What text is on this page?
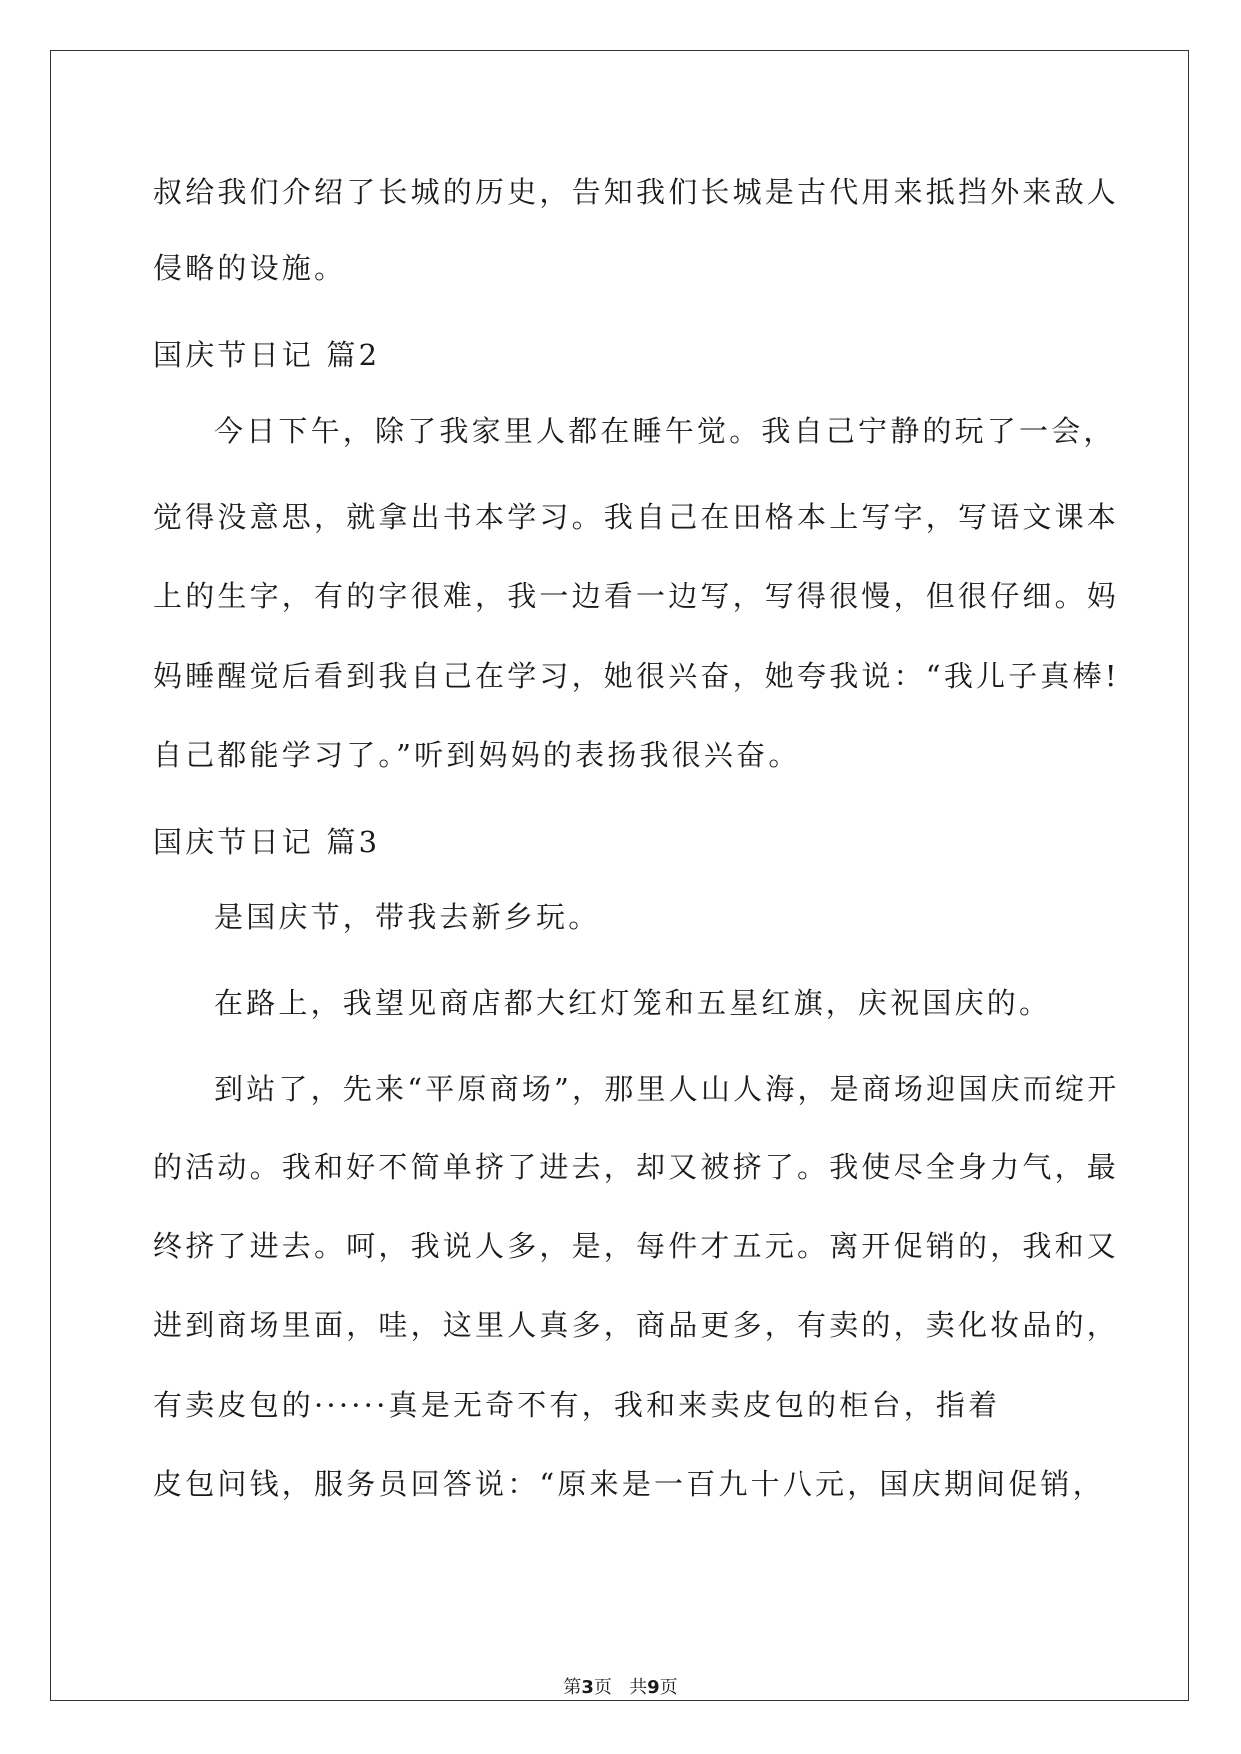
叔给我们介绍了长城的历史，告知我们长城是古代用来抵挡外来敌人
侵略的设施。
国庆节日记 篇2
今日下午，除了我家里人都在睡午觉。我自己宁静的玩了一会，
觉得没意思，就拿出书本学习。我自己在田格本上写字，写语文课本
上的生字，有的字很难，我一边看一边写，写得很慢，但很仔细。妈
妈睡醒觉后看到我自己在学习，她很兴奋，她夸我说：“我儿子真棒!
自己都能学习了。”听到妈妈的表扬我很兴奋。
国庆节日记 篇3
是国庆节，带我去新乡玩。
在路上，我望见商店都大红灯笼和五星红旗，庆祝国庆的。
到站了，先来“平原商场”，那里人山人海，是商场迎国庆而绽开
的活动。我和好不简单挤了进去，却又被挤了。我使尽全身力气，最
终挤了进去。呵，我说人多，是，每件才五元。离开促销的，我和又
进到商场里面，哇，这里人真多，商品更多，有卖的，卖化妆品的，
有卖皮包的······真是无奇不有，我和来卖皮包的柜台，指着
皮包问钱，服务员回答说：“原来是一百九十八元，国庆期间促销，
第3页   共9页
